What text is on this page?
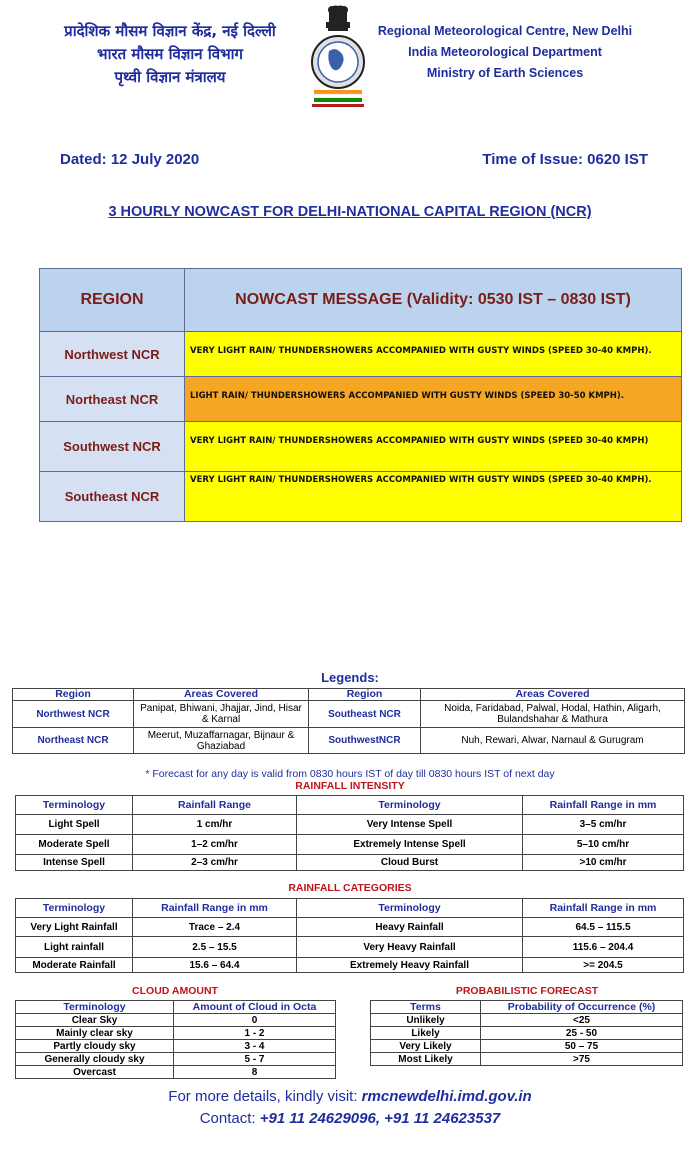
प्रादेशिक मौसम विज्ञान केंद्र, नई दिल्ली
भारत मौसम विज्ञान विभाग
पृथ्वी विज्ञान मंत्रालय
Regional Meteorological Centre, New Delhi
India Meteorological Department
Ministry of Earth Sciences
Dated: 12 July 2020	Time of Issue: 0620 IST
3 HOURLY NOWCAST FOR DELHI-NATIONAL CAPITAL REGION (NCR)
REGION	NOWCAST MESSAGE (Validity: 0530 IST – 0830 IST)
Northwest NCR	VERY LIGHT RAIN/ THUNDERSHOWERS ACCOMPANIED WITH GUSTY WINDS (SPEED 30-40 KMPH).
Northeast NCR	LIGHT RAIN/ THUNDERSHOWERS ACCOMPANIED WITH GUSTY WINDS (SPEED 30-50 KMPH).
Southwest NCR	VERY LIGHT RAIN/ THUNDERSHOWERS ACCOMPANIED WITH GUSTY WINDS (SPEED 30-40 KMPH)
Southeast NCR	VERY LIGHT RAIN/ THUNDERSHOWERS ACCOMPANIED WITH GUSTY WINDS (SPEED 30-40 KMPH).
Legends:
Region	Areas Covered	Region	Areas Covered
Northwest NCR	Panipat, Bhiwani, Jhajjar, Jind, Hisar & Karnal	Southeast NCR	Noida, Faridabad, Palwal, Hodal, Hathin, Aligarh, Bulandshahar & Mathura
Northeast NCR	Meerut, Muzaffarnagar, Bijnaur & Ghaziabad	SouthwestNCR	Nuh, Rewari, Alwar, Narnaul & Gurugram
* Forecast for any day is valid from 0830 hours IST of day till 0830 hours IST of next day
RAINFALL INTENSITY
Terminology	Rainfall Range	Terminology	Rainfall Range in mm
Light Spell	1 cm/hr	Very Intense Spell	3–5 cm/hr
Moderate Spell	1–2 cm/hr	Extremely Intense Spell	5–10 cm/hr
Intense Spell	2–3 cm/hr	Cloud Burst	>10 cm/hr
RAINFALL CATEGORIES
Terminology	Rainfall Range in mm	Terminology	Rainfall Range in mm
Very Light Rainfall	Trace – 2.4	Heavy Rainfall	64.5 – 115.5
Light rainfall	2.5 – 15.5	Very Heavy Rainfall	115.6 – 204.4
Moderate Rainfall	15.6 – 64.4	Extremely Heavy Rainfall	>= 204.5
CLOUD AMOUNT
Terminology	Amount of Cloud in Octa
Clear Sky	0
Mainly clear sky	1 - 2
Partly cloudy sky	3 - 4
Generally cloudy sky	5 - 7
Overcast	8
PROBABILISTIC FORECAST
Terms	Probability of Occurrence (%)
Unlikely	<25
Likely	25 - 50
Very Likely	50 – 75
Most Likely	>75
For more details, kindly visit: rmcnewdelhi.imd.gov.in
Contact: +91 11 24629096, +91 11 24623537
